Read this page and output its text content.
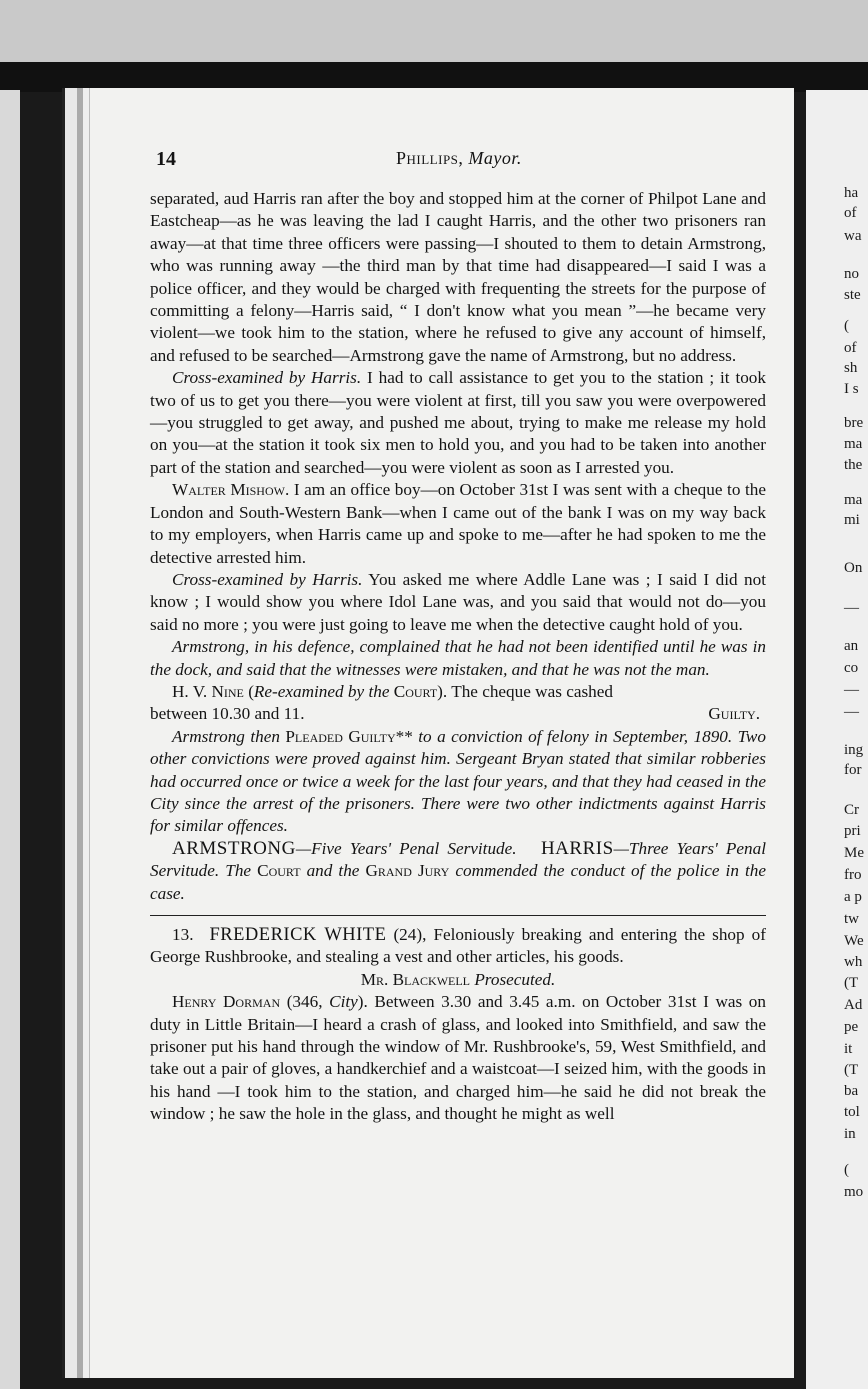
14	Phillips, Mayor.

separated, aud Harris ran after the boy and stopped him at the corner of Philpot Lane and Eastcheap—as he was leaving the lad I caught Harris, and the other two prisoners ran away—at that time three officers were passing—I shouted to them to detain Armstrong, who was running away —the third man by that time had disappeared—I said I was a police officer, and they would be charged with frequenting the streets for the purpose of committing a felony—Harris said, “ I don't know what you mean ”—he became very violent—we took him to the station, where he refused to give any account of himself, and refused to be searched—Armstrong gave the name of Armstrong, but no address.

Cross-examined by Harris. I had to call assistance to get you to the station ; it took two of us to get you there—you were violent at first, till you saw you were overpowered—you struggled to get away, and pushed me about, trying to make me release my hold on you—at the station it took six men to hold you, and you had to be taken into another part of the station and searched—you were violent as soon as I arrested you.

Walter Mishow. I am an office boy—on October 31st I was sent with a cheque to the London and South-Western Bank—when I came out of the bank I was on my way back to my employers, when Harris came up and spoke to me—after he had spoken to me the detective arrested him.

Cross-examined by Harris. You asked me where Addle Lane was ; I said I did not know ; I would show you where Idol Lane was, and you said that would not do—you said no more ; you were just going to leave me when the detective caught hold of you.

Armstrong, in his defence, complained that he had not been identified until he was in the dock, and said that the witnesses were mistaken, and that he was not the man.

H. V. Nine (Re-examined by the Court). The cheque was cashed

between 10.30 and 11.	Guilty.

Armstrong then Pleaded Guilty** to a conviction of felony in September, 1890. Two other convictions were proved against him. Sergeant Bryan stated that similar robberies had occurred once or twice a week for the last four years, and that they had ceased in the City since the arrest of the prisoners. There were two other indictments against Harris for similar offences.

ARMSTRONG—Five Years' Penal Servitude. HARRIS—Three Years' Penal Servitude. The Court and the Grand Jury commended the conduct of the police in the case.

13. FREDERICK WHITE (24), Feloniously breaking and entering the shop of George Rushbrooke, and stealing a vest and other articles, his goods.

Mr. Blackwell Prosecuted.

Henry Dorman (346, City). Between 3.30 and 3.45 a.m. on October 31st I was on duty in Little Britain—I heard a crash of glass, and looked into Smithfield, and saw the prisoner put his hand through the window of Mr. Rushbrooke's, 59, West Smithfield, and take out a pair of gloves, a handkerchief and a waistcoat—I seized him, with the goods in his hand —I took him to the station, and charged him—he said he did not break the window ; he saw the hole in the glass, and thought he might as well

ha
of
wa
no
ste
(
of
sh
I s
bre
ma
the
ma
mi
On
—
an
co
—
—
ing
for
Cr
pri
Me
fro
a p
tw
We
wh
(T
Ad
pe
it
(T
ba
tol
in
(
mo
